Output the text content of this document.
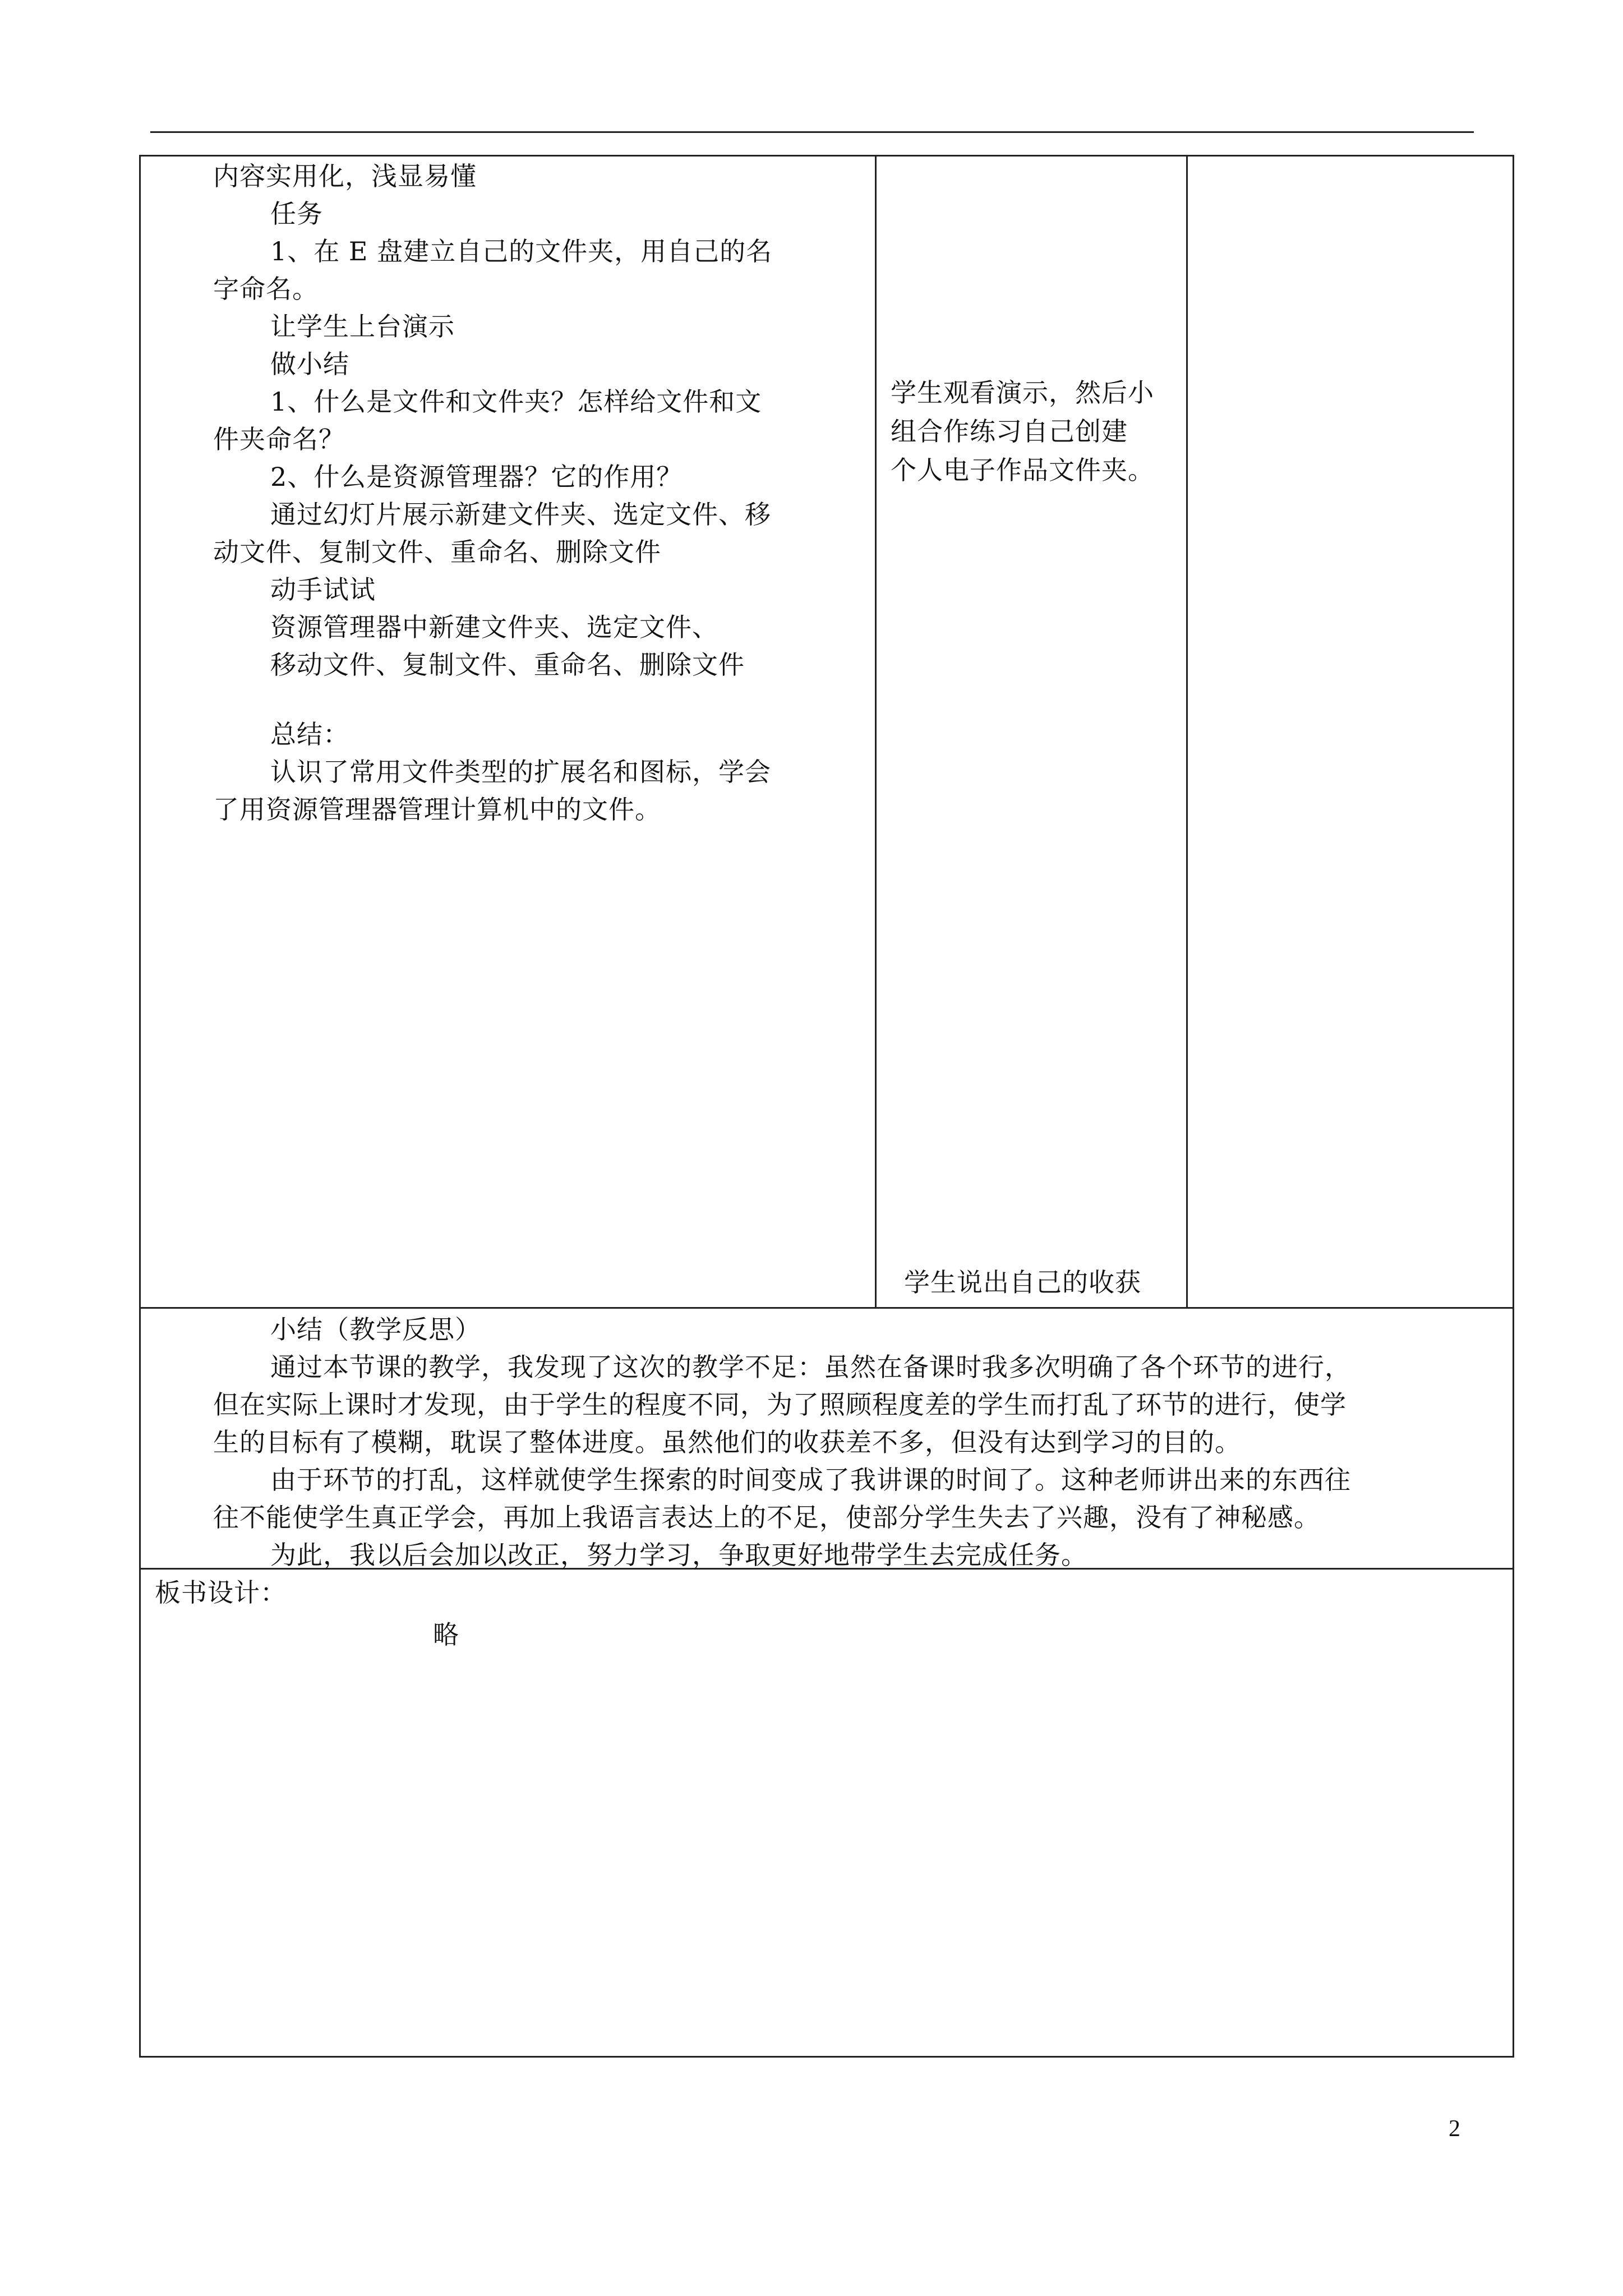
内容实用化，浅显易懂
任务
1、在 E 盘建立自己的文件夹，用自己的名
字命名。
让学生上台演示
做小结
1、什么是文件和文件夹？怎样给文件和文
件夹命名？
2、什么是资源管理器？它的作用？
通过幻灯片展示新建文件夹、选定文件、移
动文件、复制文件、重命名、删除文件
动手试试
资源管理器中新建文件夹、选定文件、
移动文件、复制文件、重命名、删除文件
总结：
认识了常用文件类型的扩展名和图标，学会
了用资源管理器管理计算机中的文件。
学生观看演示，然后小
组合作练习自己创建
个人电子作品文件夹。
学生说出自己的收获
小结（教学反思）
通过本节课的教学，我发现了这次的教学不足：虽然在备课时我多次明确了各个环节的进行，
但在实际上课时才发现，由于学生的程度不同，为了照顾程度差的学生而打乱了环节的进行，使学
生的目标有了模糊，耽误了整体进度。虽然他们的收获差不多，但没有达到学习的目的。
由于环节的打乱，这样就使学生探索的时间变成了我讲课的时间了。这种老师讲出来的东西往
往不能使学生真正学会，再加上我语言表达上的不足，使部分学生失去了兴趣，没有了神秘感。
为此，我以后会加以改正，努力学习，争取更好地带学生去完成任务。
板书设计：
略
2
